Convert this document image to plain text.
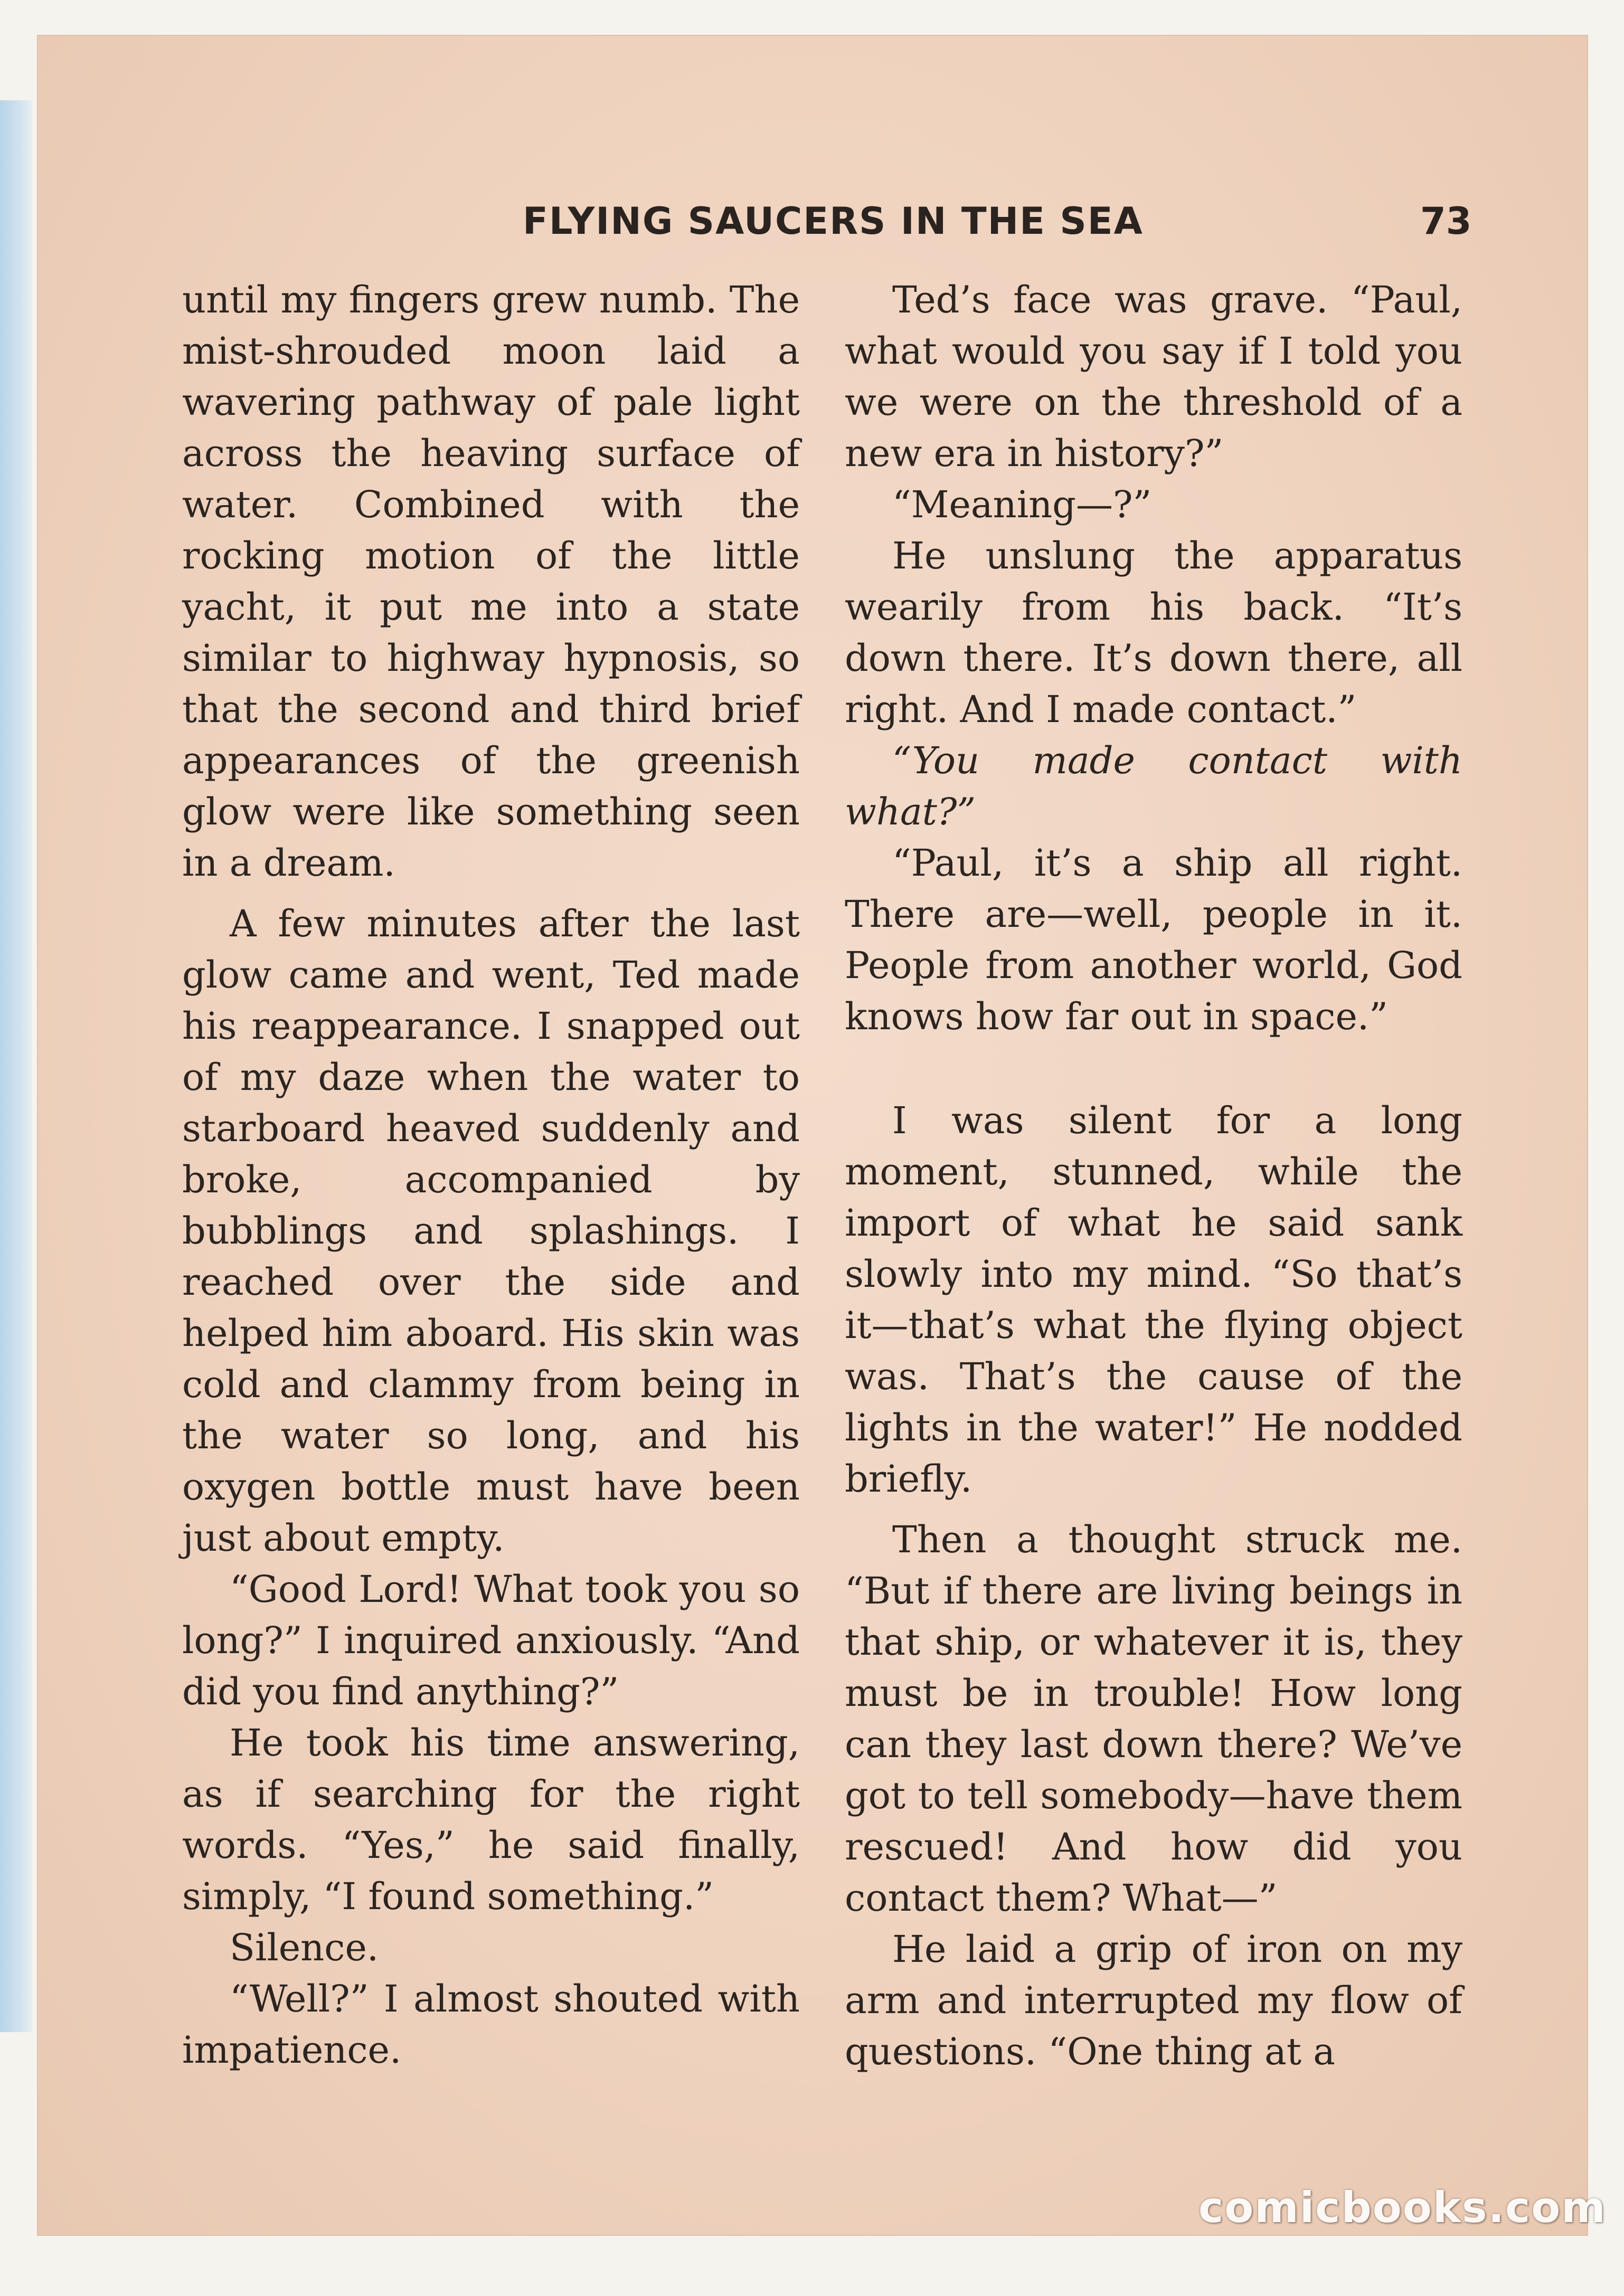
FLYING SAUCERS IN THE SEA	73

until my fingers grew numb. The mist-shrouded moon laid a wavering pathway of pale light across the heaving surface of water. Combined with the rocking motion of the little yacht, it put me into a state similar to highway hypnosis, so that the second and third brief appearances of the greenish glow were like something seen in a dream.

A few minutes after the last glow came and went, Ted made his reappearance. I snapped out of my daze when the water to starboard heaved suddenly and broke, accompanied by bubblings and splashings. I reached over the side and helped him aboard. His skin was cold and clammy from being in the water so long, and his oxygen bottle must have been just about empty.

“Good Lord! What took you so long?” I inquired anxiously. “And did you find anything?”

He took his time answering, as if searching for the right words. “Yes,” he said finally, simply, “I found something.”

Silence.

“Well?” I almost shouted with impatience.

Ted’s face was grave. “Paul, what would you say if I told you we were on the threshold of a new era in history?”

“Meaning—?”

He unslung the apparatus wearily from his back. “It’s down there. It’s down there, all right. And I made contact.”

“You made contact with what?”

“Paul, it’s a ship all right. There are—well, people in it. People from another world, God knows how far out in space.”

I was silent for a long moment, stunned, while the import of what he said sank slowly into my mind. “So that’s it—that’s what the flying object was. That’s the cause of the lights in the water!” He nodded briefly.

Then a thought struck me. “But if there are living beings in that ship, or whatever it is, they must be in trouble! How long can they last down there? We’ve got to tell somebody—have them rescued! And how did you contact them? What—”

He laid a grip of iron on my arm and interrupted my flow of questions. “One thing at a

comicbooks.com
